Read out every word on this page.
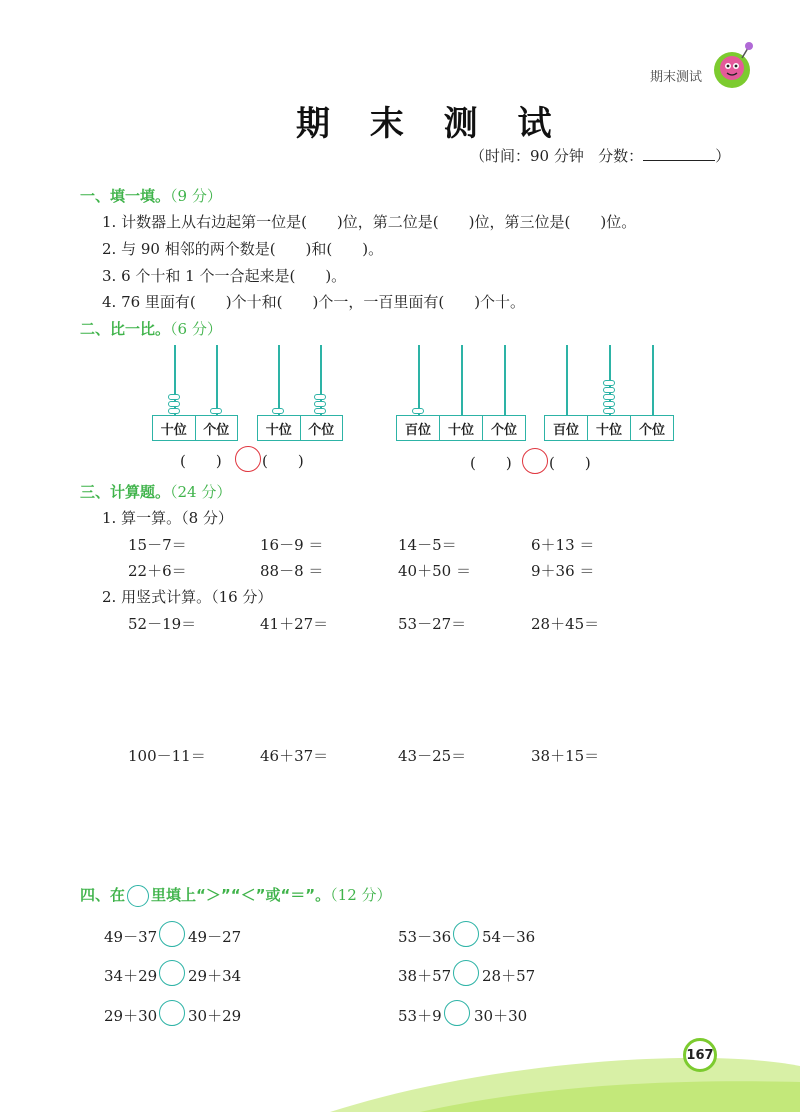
期末测试
期 末 测 试
（时间：90 分钟 分数：	）
一、填一填。（9 分）
1. 计数器上从右边起第一位是(　　)位，第二位是(　　)位，第三位是(　　)位。
2. 与 90 相邻的两个数是(　　)和(　　)。
3. 6 个十和 1 个一合起来是(　　)。
4. 76 里面有(　　)个十和(　　)个一，一百里面有(　　)个十。
二、比一比。（6 分）
十位	个位	十位	个位
(　　)	(　　)
百位	十位	个位	百位	十位	个位
(　　) (　　)
三、计算题。（24 分）
1. 算一算。（8 分）
15－7＝	16－9 ＝	14－5＝	6＋13 ＝
22＋6＝	88－8 ＝	40＋50 ＝	9＋36 ＝
2. 用竖式计算。（16 分）
52－19＝	41＋27＝	53－27＝	28＋45＝
100－11＝	46＋37＝	43－25＝	38＋15＝
四、在 里填上“＞”“＜”或“＝”。（12 分）
49－37 49－27
34＋29 29＋34
29＋30 30＋29
53－36 54－36
38＋57 28＋57
53＋9 30＋30
167
